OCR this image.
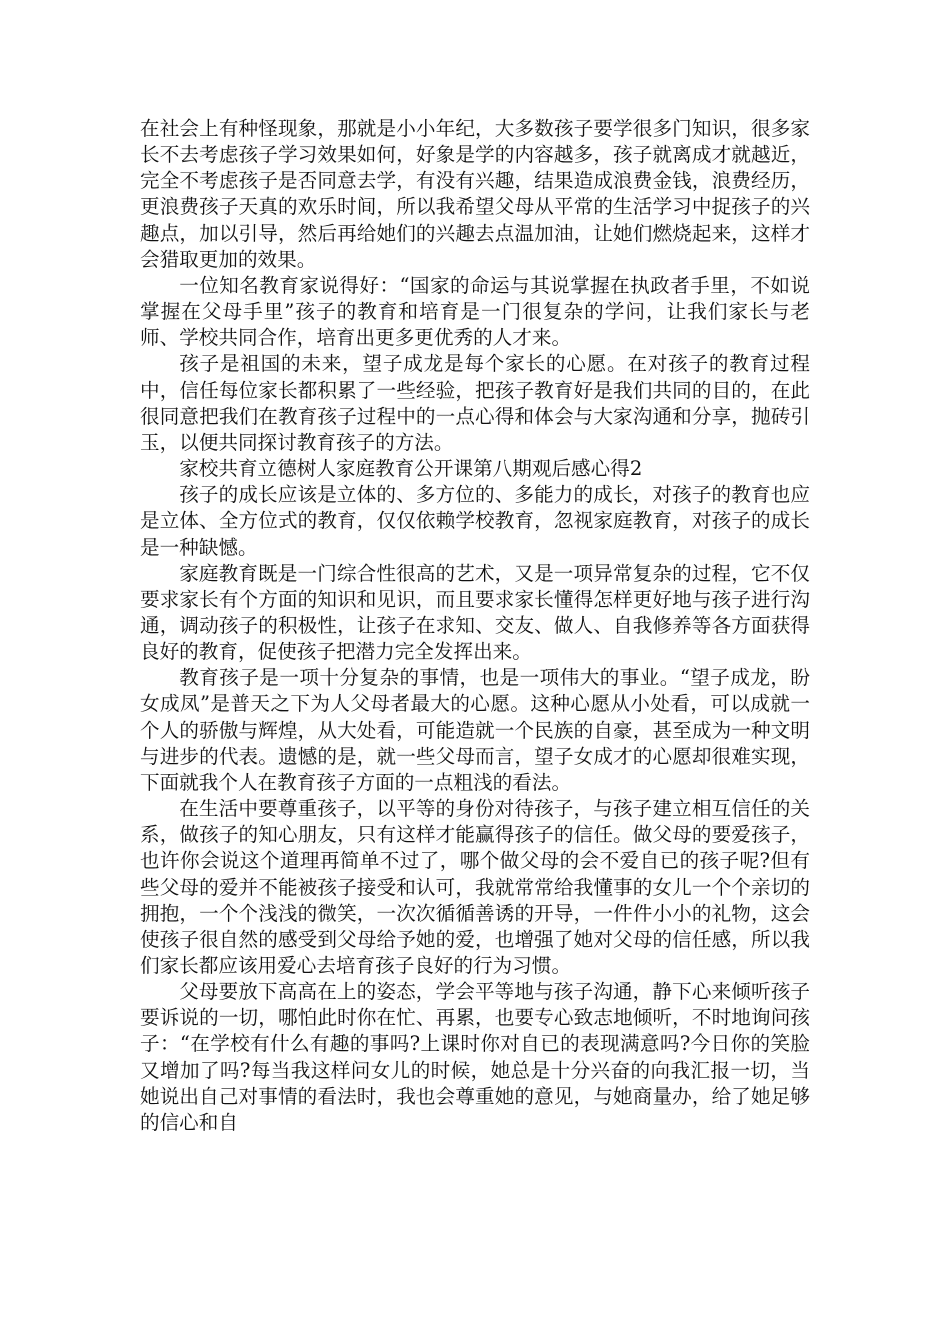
在社会上有种怪现象，那就是小小年纪，大多数孩子要学很多门知识，很多家长不去考虑孩子学习效果如何，好象是学的内容越多，孩子就离成才就越近，完全不考虑孩子是否同意去学，有没有兴趣，结果造成浪费金钱，浪费经历，更浪费孩子天真的欢乐时间，所以我希望父母从平常的生活学习中捉孩子的兴趣点，加以引导，然后再给她们的兴趣去点温加油，让她们燃烧起来，这样才会猎取更加的效果。

一位知名教育家说得好：“国家的命运与其说掌握在执政者手里，不如说掌握在父母手里”孩子的教育和培育是一门很复杂的学问，让我们家长与老师、学校共同合作，培育出更多更优秀的人才来。

孩子是祖国的未来，望子成龙是每个家长的心愿。在对孩子的教育过程中，信任每位家长都积累了一些经验，把孩子教育好是我们共同的目的，在此很同意把我们在教育孩子过程中的一点心得和体会与大家沟通和分享，抛砖引玉，以便共同探讨教育孩子的方法。

家校共育立德树人家庭教育公开课第八期观后感心得2

孩子的成长应该是立体的、多方位的、多能力的成长，对孩子的教育也应是立体、全方位式的教育，仅仅依赖学校教育，忽视家庭教育，对孩子的成长是一种缺憾。

家庭教育既是一门综合性很高的艺术，又是一项异常复杂的过程，它不仅要求家长有个方面的知识和见识，而且要求家长懂得怎样更好地与孩子进行沟通，调动孩子的积极性，让孩子在求知、交友、做人、自我修养等各方面获得良好的教育，促使孩子把潜力完全发挥出来。

教育孩子是一项十分复杂的事情，也是一项伟大的事业。“望子成龙，盼女成凤”是普天之下为人父母者最大的心愿。这种心愿从小处看，可以成就一个人的骄傲与辉煌，从大处看，可能造就一个民族的自豪，甚至成为一种文明与进步的代表。遗憾的是，就一些父母而言，望子女成才的心愿却很难实现，下面就我个人在教育孩子方面的一点粗浅的看法。

在生活中要尊重孩子，以平等的身份对待孩子，与孩子建立相互信任的关系，做孩子的知心朋友，只有这样才能赢得孩子的信任。做父母的要爱孩子，也许你会说这个道理再简单不过了，哪个做父母的会不爱自已的孩子呢?但有些父母的爱并不能被孩子接受和认可，我就常常给我懂事的女儿一个个亲切的拥抱，一个个浅浅的微笑，一次次循循善诱的开导，一件件小小的礼物，这会使孩子很自然的感受到父母给予她的爱，也增强了她对父母的信任感，所以我们家长都应该用爱心去培育孩子良好的行为习惯。

父母要放下高高在上的姿态，学会平等地与孩子沟通，静下心来倾听孩子要诉说的一切，哪怕此时你在忙、再累，也要专心致志地倾听，不时地询问孩子：“在学校有什么有趣的事吗?上课时你对自已的表现满意吗?今日你的笑脸又增加了吗?每当我这样问女儿的时候，她总是十分兴奋的向我汇报一切，当她说出自己对事情的看法时，我也会尊重她的意见，与她商量办，给了她足够的信心和自
